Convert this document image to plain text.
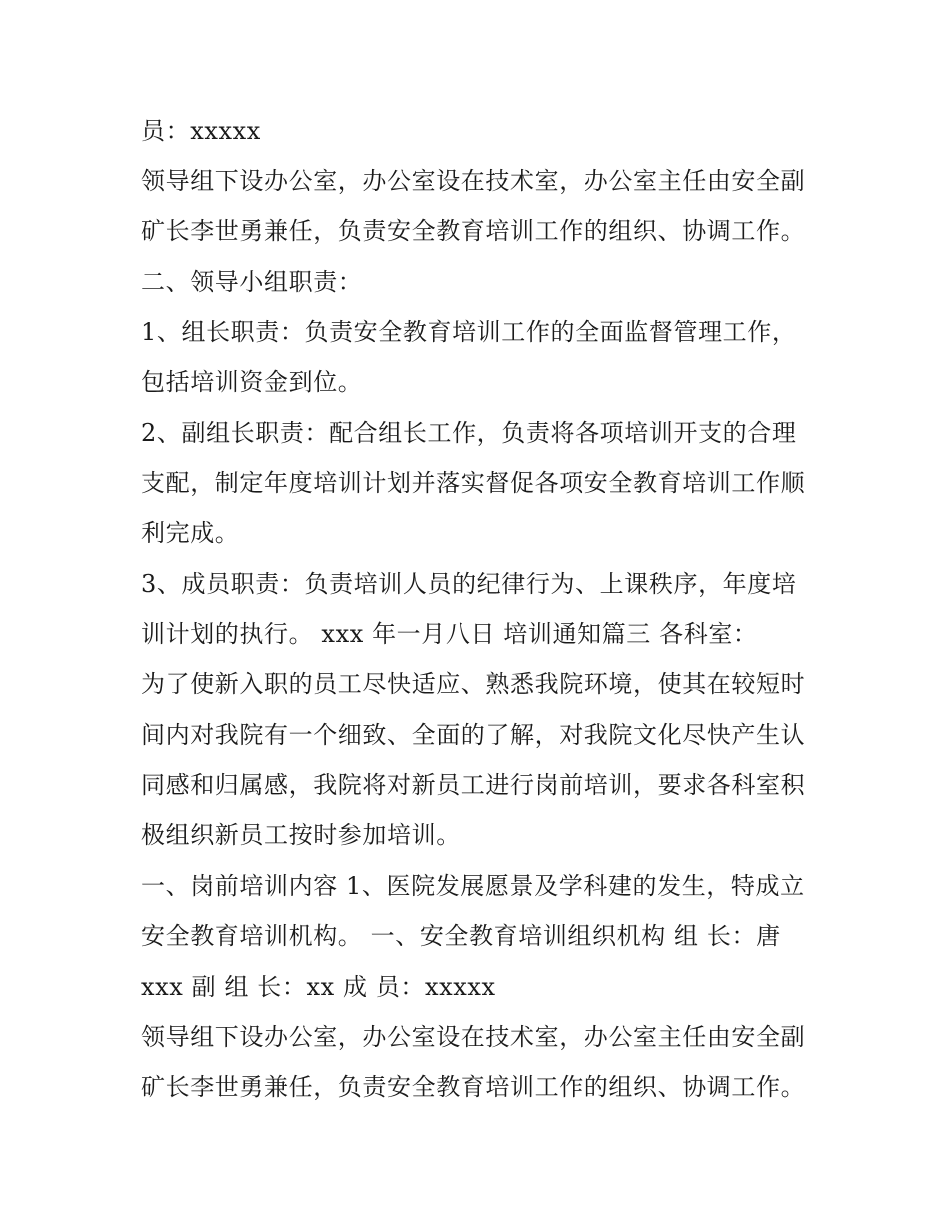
员：xxxxx

领导组下设办公室，办公室设在技术室，办公室主任由安全副

矿长李世勇兼任，负责安全教育培训工作的组织、协调工作。

二、领导小组职责：

1、组长职责：负责安全教育培训工作的全面监督管理工作，

包括培训资金到位。

2、副组长职责：配合组长工作，负责将各项培训开支的合理

支配，制定年度培训计划并落实督促各项安全教育培训工作顺

利完成。

3、成员职责：负责培训人员的纪律行为、上课秩序，年度培

训计划的执行。 xxx 年一月八日 培训通知篇三 各科室：

为了使新入职的员工尽快适应、熟悉我院环境，使其在较短时

间内对我院有一个细致、全面的了解，对我院文化尽快产生认

同感和归属感，我院将对新员工进行岗前培训，要求各科室积

极组织新员工按时参加培训。

一、岗前培训内容 1、医院发展愿景及学科建的发生，特成立

安全教育培训机构。 一、安全教育培训组织机构 组 长：唐

xxx 副 组 长：xx 成 员：xxxxx

领导组下设办公室，办公室设在技术室，办公室主任由安全副

矿长李世勇兼任，负责安全教育培训工作的组织、协调工作。
